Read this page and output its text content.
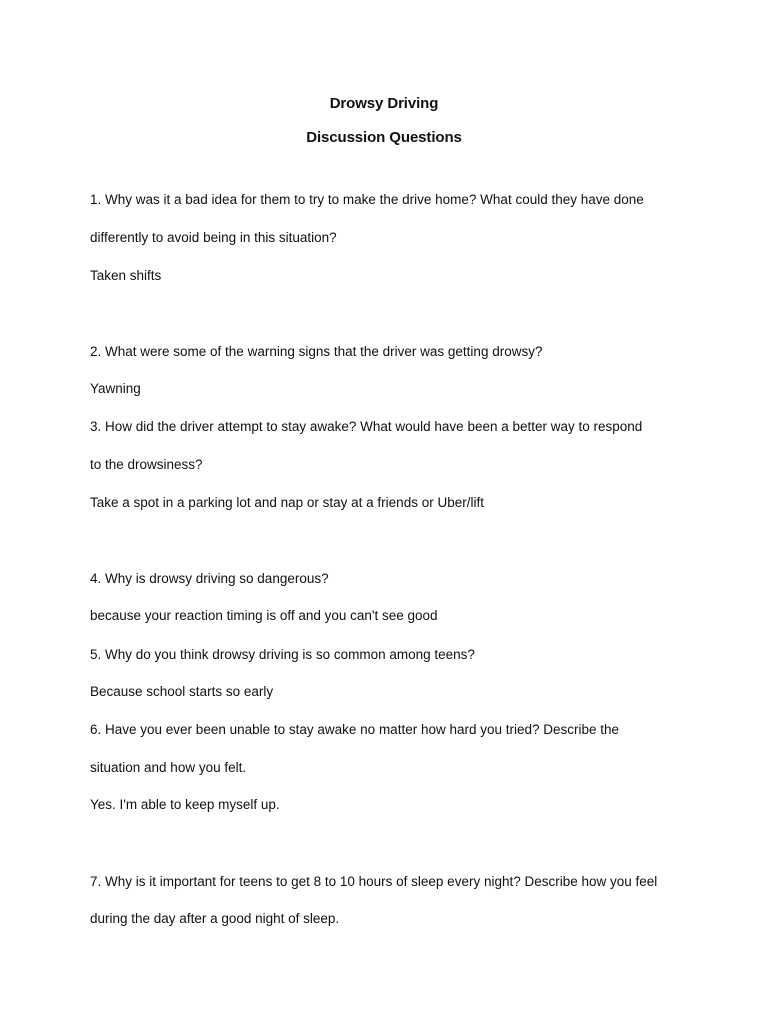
Drowsy Driving
Discussion Questions
1. Why was it a bad idea for them to try to make the drive home? What could they have done
differently to avoid being in this situation?
Taken shifts
2. What were some of the warning signs that the driver was getting drowsy?
Yawning
3. How did the driver attempt to stay awake? What would have been a better way to respond
to the drowsiness?
Take a spot in a parking lot and nap or stay at a friends or Uber/lift
4. Why is drowsy driving so dangerous?
because your reaction timing is off and you can't see good
5. Why do you think drowsy driving is so common among teens?
Because school starts so early
6. Have you ever been unable to stay awake no matter how hard you tried? Describe the
situation and how you felt.
Yes. I'm able to keep myself up.
7. Why is it important for teens to get 8 to 10 hours of sleep every night? Describe how you feel
during the day after a good night of sleep.
